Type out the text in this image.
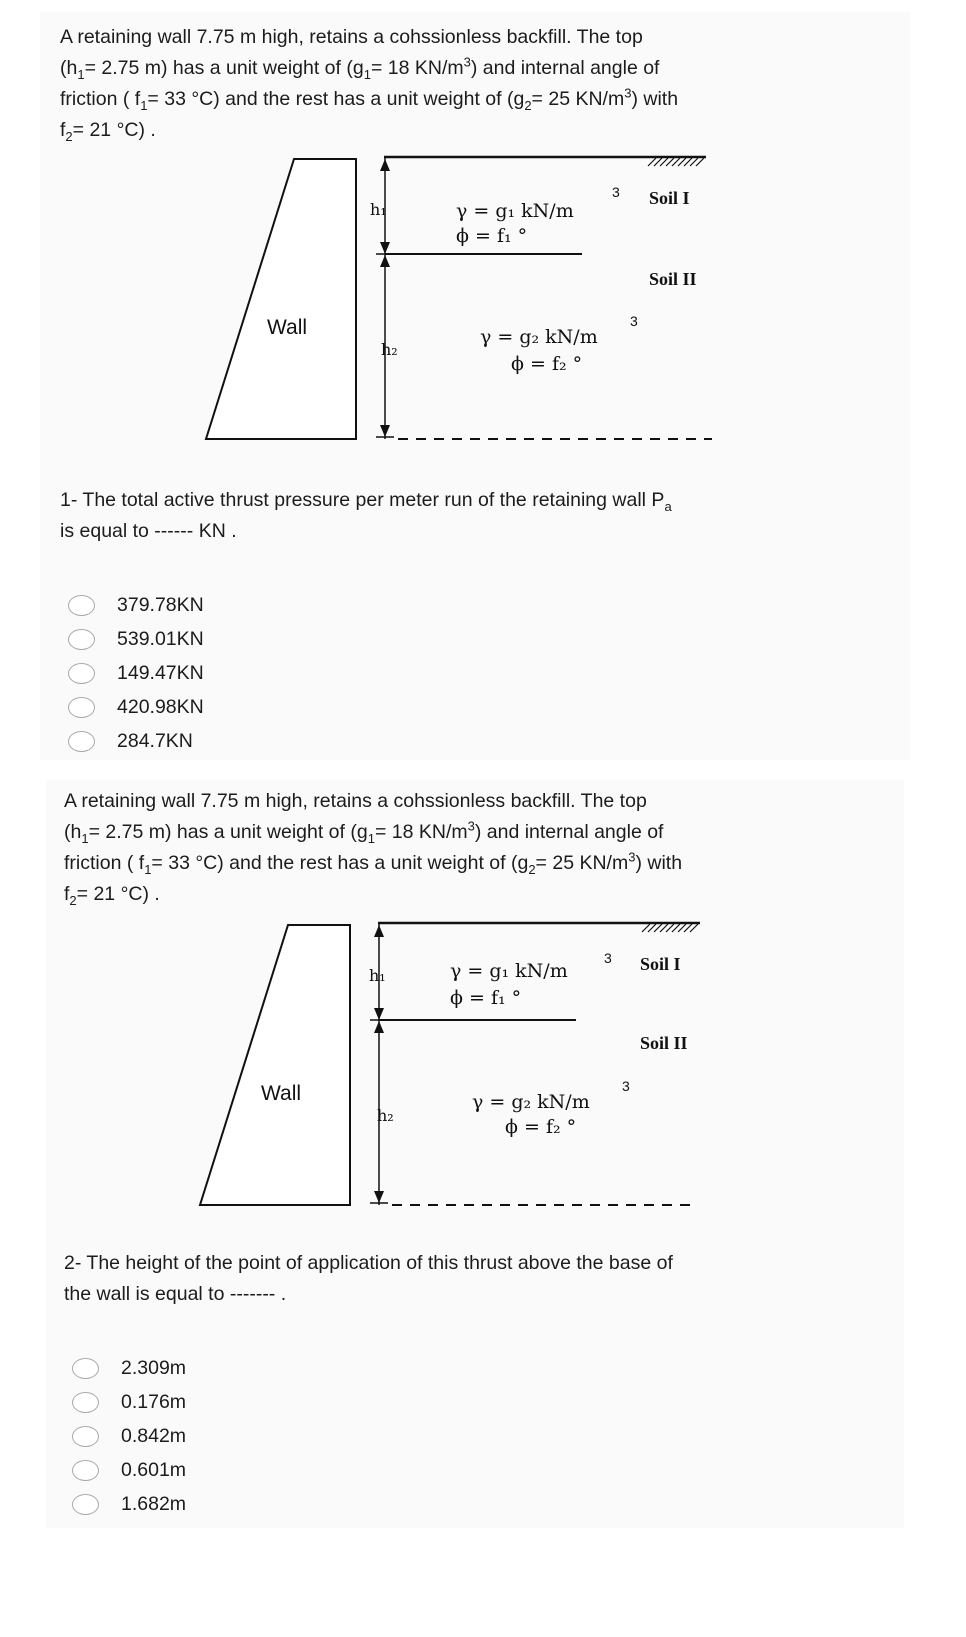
A retaining wall 7.75 m high, retains a cohssionless backfill. The top
($h_1= 2.75$ m) has a unit weight of ($g_1= 18$ $KN/m^3$) and internal angle of
friction ( $f_1= 33$ °C) and the rest has a unit weight of ($g_2= 25$ $KN/m^3$) with
$f_2= 21$ °C) .
Wall
h₁
h₂
Soil I
Soil II
γ = g₁ kN/m
3
ϕ = f₁ °
γ = g₂ kN/m
3
ϕ = f₂ °
1- The total active thrust pressure per meter run of the retaining wall $P_a$
is equal to ------ KN .
379.78KN
539.01KN
149.47KN
420.98KN
284.7KN
A retaining wall 7.75 m high, retains a cohssionless backfill. The top
($h_1= 2.75$ m) has a unit weight of ($g_1= 18$ $KN/m^3$) and internal angle of
friction ( $f_1= 33$ °C) and the rest has a unit weight of ($g_2= 25$ $KN/m^3$) with
$f_2= 21$ °C) .
Wall
h₁
h₂
Soil I
Soil II
γ = g₁ kN/m
3
ϕ = f₁ °
γ = g₂ kN/m
3
ϕ = f₂ °
2- The height of the point of application of this thrust above the base of
the wall is equal to ------- .
2.309m
0.176m
0.842m
0.601m
1.682m
